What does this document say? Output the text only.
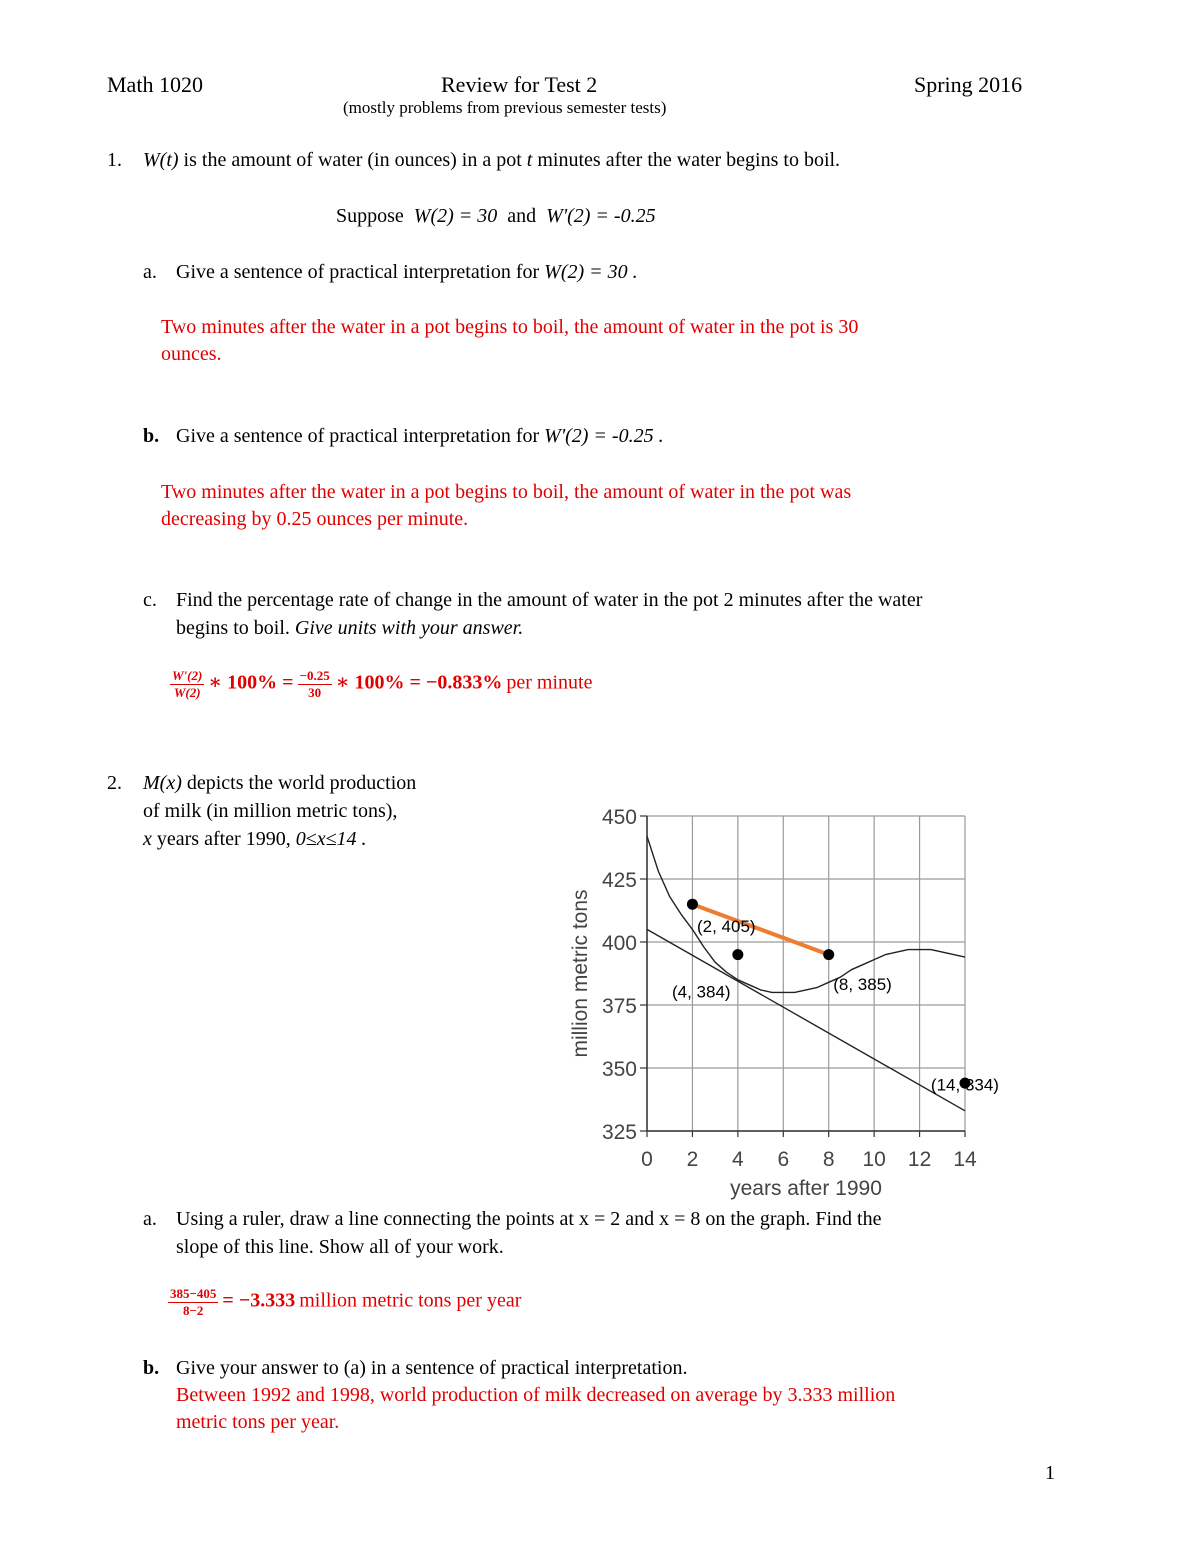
Math 1020	Review for Test 2	Spring 2016
(mostly problems from previous semester tests)
1. W(t) is the amount of water (in ounces) in a pot t minutes after the water begins to boil.
Suppose W(2) = 30 and W'(2) = -0.25
a. Give a sentence of practical interpretation for W(2) = 30 .
Two minutes after the water in a pot begins to boil, the amount of water in the pot is 30
ounces.
b. Give a sentence of practical interpretation for W'(2) = -0.25 .
Two minutes after the water in a pot begins to boil, the amount of water in the pot was
decreasing by 0.25 ounces per minute.
c. Find the percentage rate of change in the amount of water in the pot 2 minutes after the water
begins to boil. Give units with your answer.
$\frac{W'(2)}{W(2)}$ ∗ $100\% = \frac{-0.25}{30}$ ∗ 100% = −0.833% per minute
2. M(x) depicts the world production
of milk (in million metric tons),
x years after 1990, 0≤x≤14 .
0 2 4 6 8 10 12 14
325
350
375
400
425
450
years after 1990
million metric tons	(2, 405)
(4, 384)	(8, 385)
(14, 334)
a. Using a ruler, draw a line connecting the points at x = 2 and x = 8 on the graph. Find the
slope of this line. Show all of your work.
$\frac{385-405}{8-2} = -3.333$ million metric tons per year
b. Give your answer to (a) in a sentence of practical interpretation.
Between 1992 and 1998, world production of milk decreased on average by 3.333 million
metric tons per year.
1
